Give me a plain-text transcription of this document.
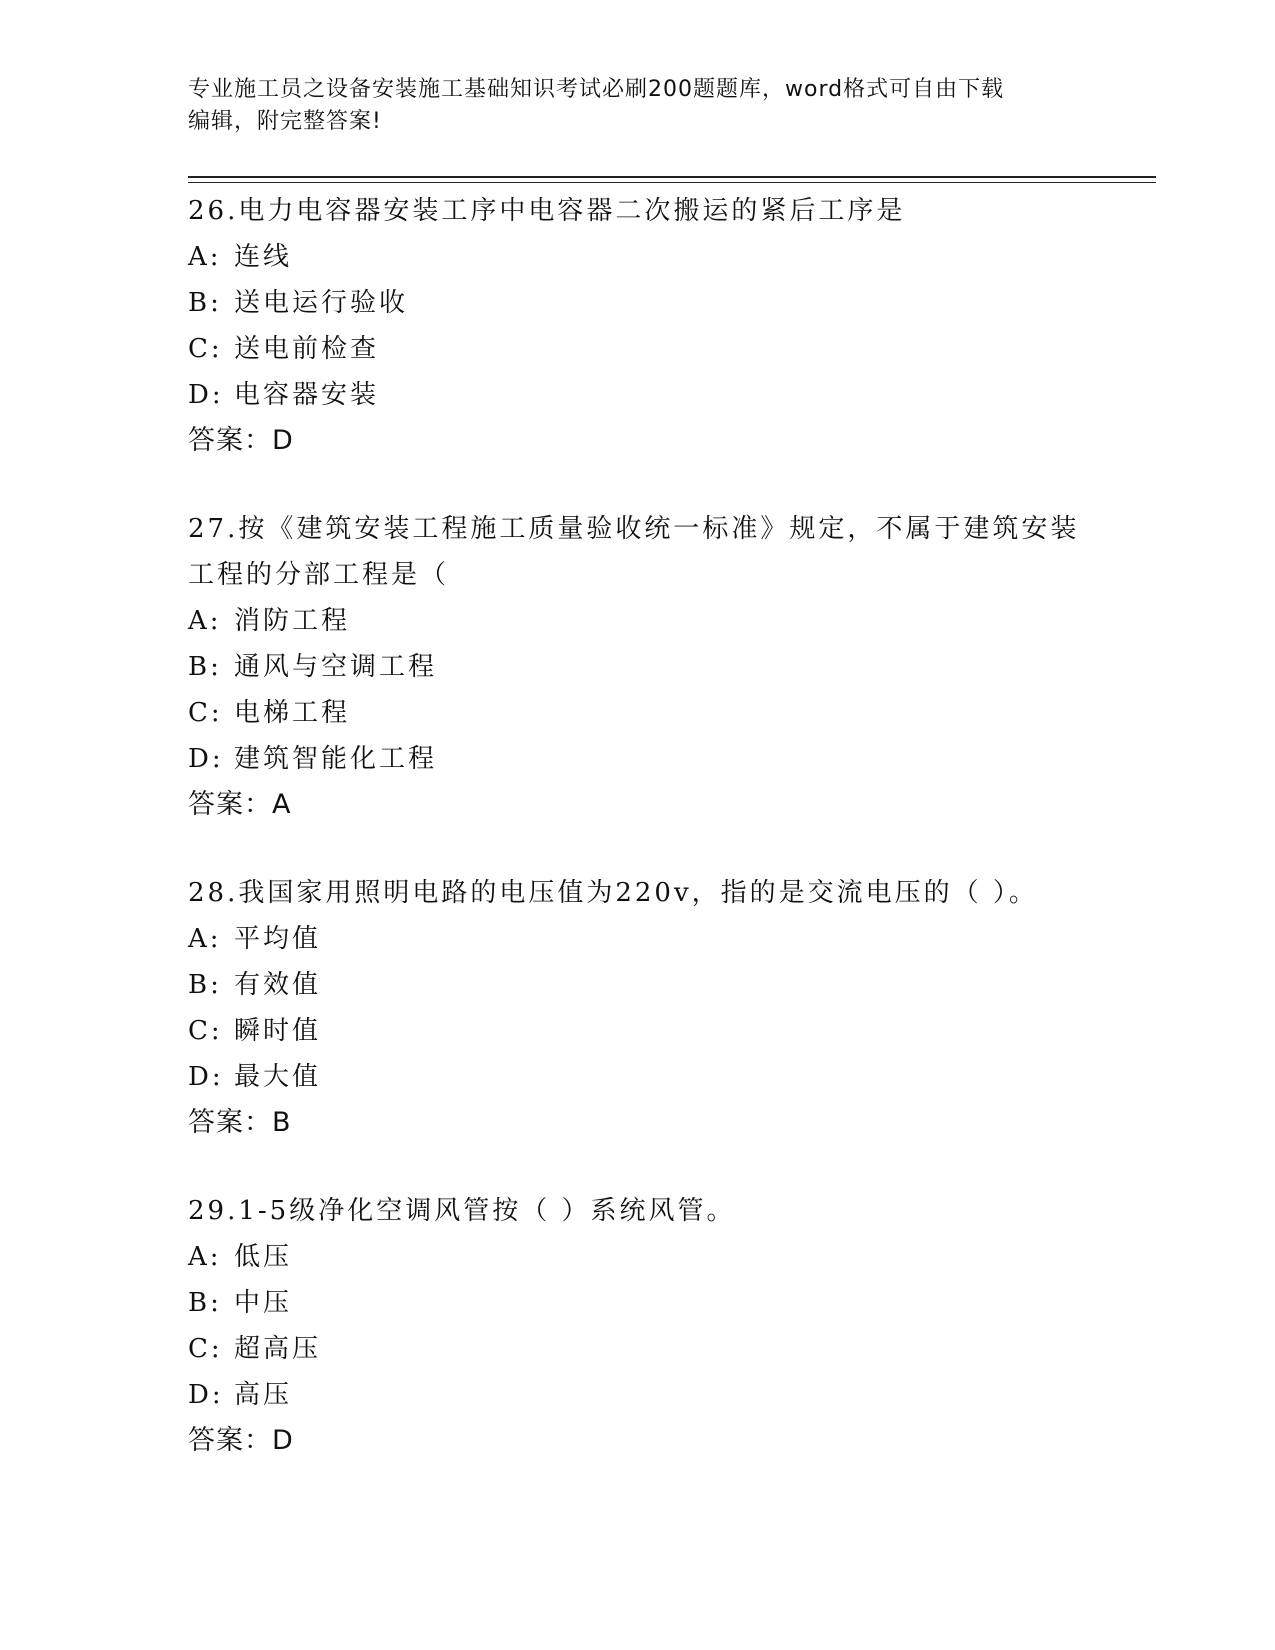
专业施工员之设备安装施工基础知识考试必刷200题题库，word格式可自由下载
编辑，附完整答案!
26.电力电容器安装工序中电容器二次搬运的紧后工序是
A: 连线
B: 送电运行验收
C: 送电前检查
D: 电容器安装
答案：D
27.按《建筑安装工程施工质量验收统一标准》规定，不属于建筑安装
工程的分部工程是（
A: 消防工程
B: 通风与空调工程
C: 电梯工程
D: 建筑智能化工程
答案：A
28.我国家用照明电路的电压值为220v，指的是交流电压的（ ）。
A: 平均值
B: 有效值
C: 瞬时值
D: 最大值
答案：B
29.1-5级净化空调风管按（ ）系统风管。
A: 低压
B: 中压
C: 超高压
D: 高压
答案：D
